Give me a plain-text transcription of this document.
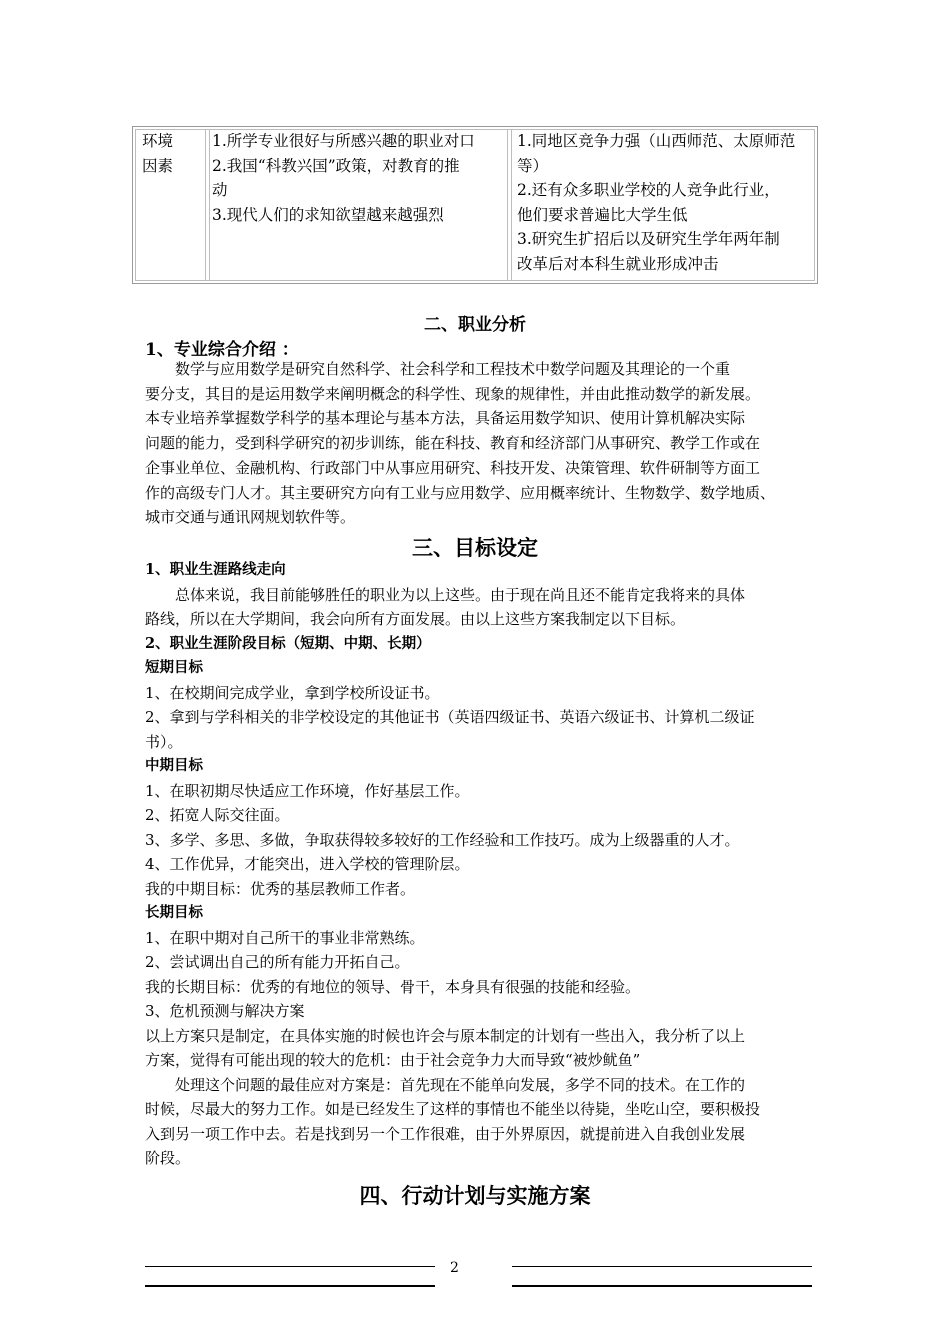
环境
因素
1.所学专业很好与所感兴趣的职业对口
2.我国“科教兴国”政策，对教育的推
动
3.现代人们的求知欲望越来越强烈
1.同地区竞争力强（山西师范、太原师范
等）
2.还有众多职业学校的人竞争此行业，
他们要求普遍比大学生低
3.研究生扩招后以及研究生学年两年制
改革后对本科生就业形成冲击
二、职业分析
1、专业综合介绍 ：
数学与应用数学是研究自然科学、社会科学和工程技术中数学问题及其理论的一个重
要分支，其目的是运用数学来阐明概念的科学性、现象的规律性，并由此推动数学的新发展。
本专业培养掌握数学科学的基本理论与基本方法，具备运用数学知识、使用计算机解决实际
问题的能力，受到科学研究的初步训练，能在科技、教育和经济部门从事研究、教学工作或在
企事业单位、金融机构、行政部门中从事应用研究、科技开发、决策管理、软件研制等方面工
作的高级专门人才。其主要研究方向有工业与应用数学、应用概率统计、生物数学、数学地质、
城市交通与通讯网规划软件等。
三、目标设定
1、职业生涯路线走向
总体来说，我目前能够胜任的职业为以上这些。由于现在尚且还不能肯定我将来的具体
路线，所以在大学期间，我会向所有方面发展。由以上这些方案我制定以下目标。
2、职业生涯阶段目标（短期、中期、长期）
短期目标
1、在校期间完成学业，拿到学校所设证书。
2、拿到与学科相关的非学校设定的其他证书（英语四级证书、英语六级证书、计算机二级证
书）。
中期目标
1、在职初期尽快适应工作环境，作好基层工作。
2、拓宽人际交往面。
3、多学、多思、多做，争取获得较多较好的工作经验和工作技巧。成为上级器重的人才。
4、工作优异，才能突出，进入学校的管理阶层。
我的中期目标：优秀的基层教师工作者。
长期目标
1、在职中期对自己所干的事业非常熟练。
2、尝试调出自己的所有能力开拓自己。
我的长期目标：优秀的有地位的领导、骨干，本身具有很强的技能和经验。
3、危机预测与解决方案
以上方案只是制定，在具体实施的时候也许会与原本制定的计划有一些出入，我分析了以上
方案，觉得有可能出现的较大的危机：由于社会竞争力大而导致“被炒鱿鱼”
处理这个问题的最佳应对方案是：首先现在不能单向发展，多学不同的技术。在工作的
时候，尽最大的努力工作。如是已经发生了这样的事情也不能坐以待毙，坐吃山空，要积极投
入到另一项工作中去。若是找到另一个工作很难，由于外界原因，就提前进入自我创业发展
阶段。
四、行动计划与实施方案
2
